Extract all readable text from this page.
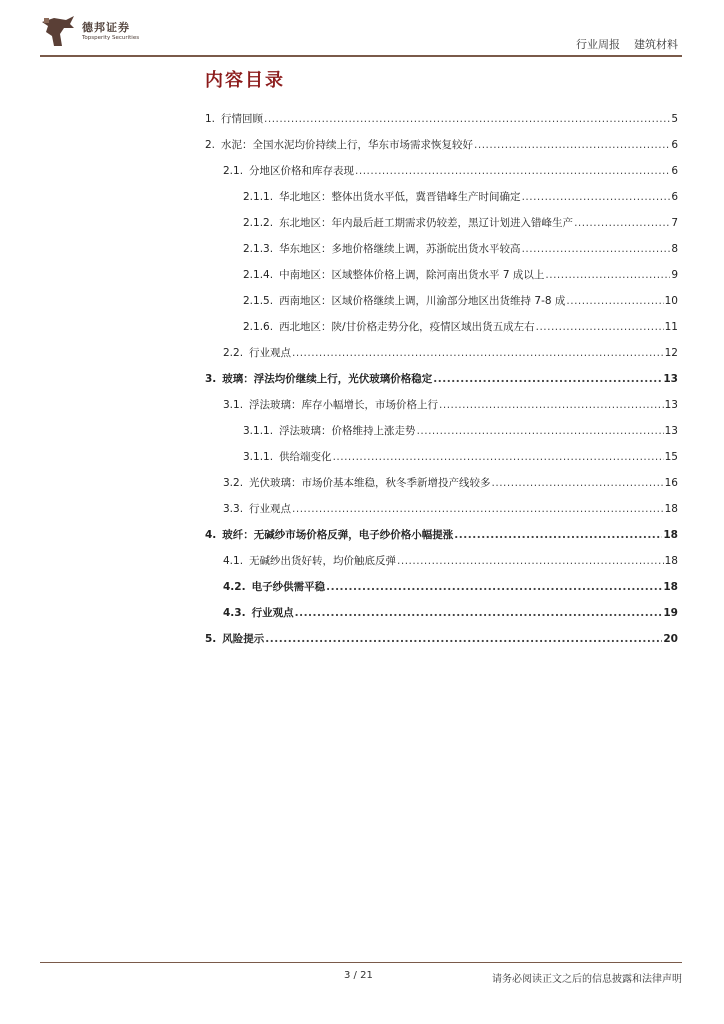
德邦证券
Topsperity Securities	行业周报 建筑材料
内容目录
1. 行情回顾 .....	5
2. 水泥：全国水泥均价持续上行，华东市场需求恢复较好 .....	6
2.1. 分地区价格和库存表现 .....	6
2.1.1. 华北地区：整体出货水平低，冀晋错峰生产时间确定 .....	6
2.1.2. 东北地区：年内最后赶工期需求仍较差，黑辽计划进入错峰生产 .....	7
2.1.3. 华东地区：多地价格继续上调，苏浙皖出货水平较高 .....	8
2.1.4. 中南地区：区域整体价格上调，除河南出货水平 7 成以上 .....	9
2.1.5. 西南地区：区域价格继续上调，川渝部分地区出货维持 7-8 成 .....	10
2.1.6. 西北地区：陕/甘价格走势分化，疫情区域出货五成左右 .....	11
2.2. 行业观点 .....	12
3. 玻璃：浮法均价继续上行，光伏玻璃价格稳定 .....	13
3.1. 浮法玻璃：库存小幅增长，市场价格上行 .....	13
3.1.1. 浮法玻璃：价格维持上涨走势 .....	13
3.1.1. 供给端变化 .....	15
3.2. 光伏玻璃：市场价基本维稳，秋冬季新增投产线较多 .....	16
3.3. 行业观点 .....	18
4. 玻纤：无碱纱市场价格反弹，电子纱价格小幅提涨 .....	18
4.1. 无碱纱出货好转，均价触底反弹 .....	18
4.2. 电子纱供需平稳 .....	18
4.3. 行业观点 .....	19
5. 风险提示 .....	20
3 / 21	请务必阅读正文之后的信息披露和法律声明
